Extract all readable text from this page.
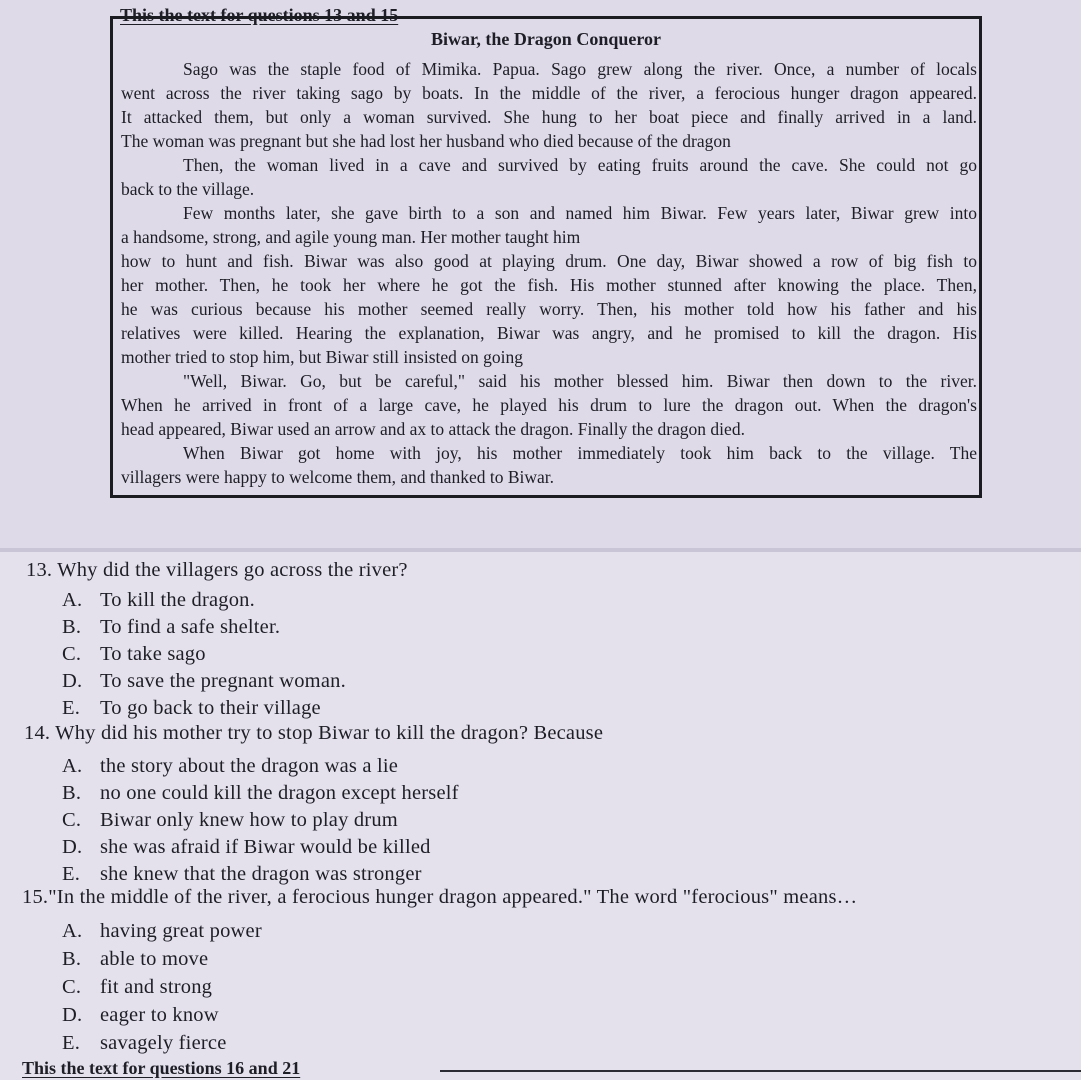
This the text for questions 13 and 15
Biwar, the Dragon Conqueror
Sago was the staple food of Mimika. Papua. Sago grew along the river. Once, a number of locals
went across the river taking sago by boats. In the middle of the river, a ferocious hunger dragon appeared.
It attacked them, but only a woman survived. She hung to her boat piece and finally arrived in a land.
The woman was pregnant but she had lost her husband who died because of the dragon
Then, the woman lived in a cave and survived by eating fruits around the cave. She could not go
back to the village.
Few months later, she gave birth to a son and named him Biwar. Few years later, Biwar grew into
a handsome, strong, and agile young man. Her mother taught him
how to hunt and fish. Biwar was also good at playing drum. One day, Biwar showed a row of big fish to
her mother. Then, he took her where he got the fish. His mother stunned after knowing the place. Then,
he was curious because his mother seemed really worry. Then, his mother told how his father and his
relatives were killed. Hearing the explanation, Biwar was angry, and he promised to kill the dragon. His
mother tried to stop him, but Biwar still insisted on going
"Well, Biwar. Go, but be careful," said his mother blessed him. Biwar then down to the river.
When he arrived in front of a large cave, he played his drum to lure the dragon out. When the dragon's
head appeared, Biwar used an arrow and ax to attack the dragon. Finally the dragon died.
When Biwar got home with joy, his mother immediately took him back to the village. The
villagers were happy to welcome them, and thanked to Biwar.
13. Why did the villagers go across the river?
A. To kill the dragon.
B. To find a safe shelter.
C. To take sago
D. To save the pregnant woman.
E. To go back to their village
14. Why did his mother try to stop Biwar to kill the dragon? Because
A. the story about the dragon was a lie
B. no one could kill the dragon except herself
C. Biwar only knew how to play drum
D. she was afraid if Biwar would be killed
E. she knew that the dragon was stronger
15."In the middle of the river, a ferocious hunger dragon appeared." The word "ferocious" means…
A. having great power
B. able to move
C. fit and strong
D. eager to know
E. savagely fierce
This the text for questions 16 and 21
